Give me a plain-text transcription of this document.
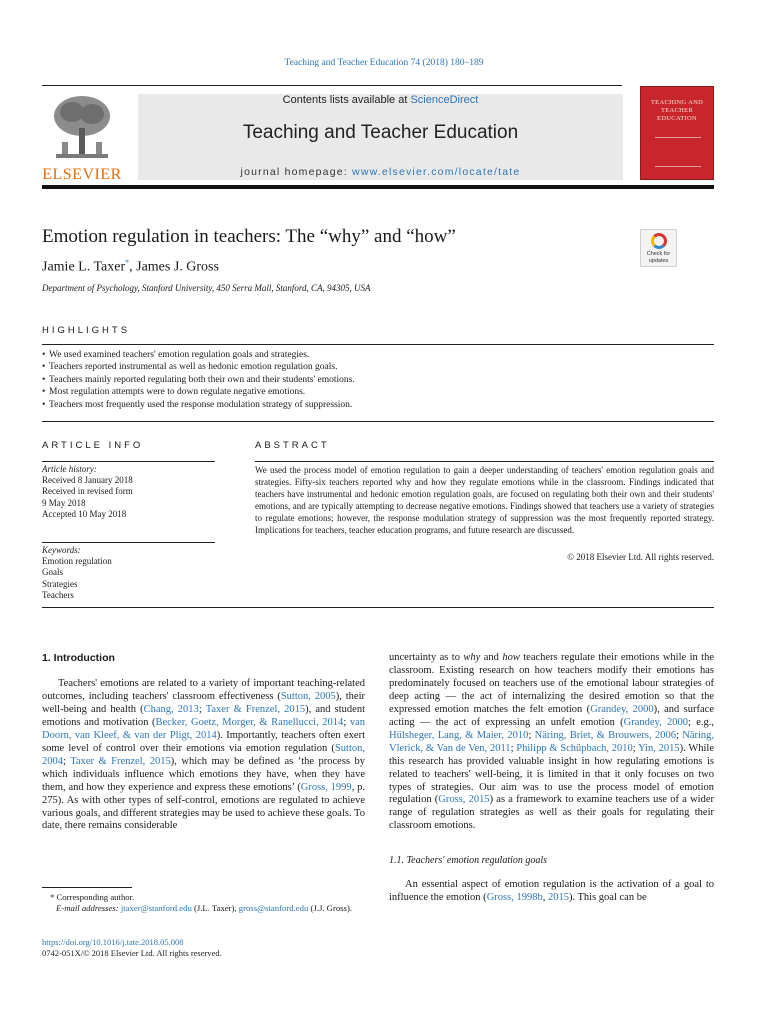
Teaching and Teacher Education 74 (2018) 180–189
ELSEVIER
Contents lists available at ScienceDirect
Teaching and Teacher Education
journal homepage: www.elsevier.com/locate/tate
TEACHING AND TEACHER EDUCATION
Emotion regulation in teachers: The “why” and “how”
Check for updates
Jamie L. Taxer*, James J. Gross
Department of Psychology, Stanford University, 450 Serra Mall, Stanford, CA, 94305, USA
HIGHLIGHTS
• We used examined teachers' emotion regulation goals and strategies.
• Teachers reported instrumental as well as hedonic emotion regulation goals.
• Teachers mainly reported regulating both their own and their students' emotions.
• Most regulation attempts were to down regulate negative emotions.
• Teachers most frequently used the response modulation strategy of suppression.
ARTICLE INFO	ABSTRACT
Article history:
Received 8 January 2018
Received in revised form
9 May 2018
Accepted 10 May 2018
Keywords:
Emotion regulation
Goals
Strategies
Teachers
We used the process model of emotion regulation to gain a deeper understanding of teachers' emotion regulation goals and strategies. Fifty-six teachers reported why and how they regulate emotions while in the classroom. Findings indicated that teachers have instrumental and hedonic emotion regulation goals, are focused on regulating both their own and their students' emotions, and are typically attempting to decrease negative emotions. Findings showed that teachers use a variety of strategies to regulate emotions; however, the response modulation strategy of suppression was the most frequently reported strategy. Implications for teachers, teacher education programs, and future research are discussed.
© 2018 Elsevier Ltd. All rights reserved.
1. Introduction
Teachers' emotions are related to a variety of important teaching-related outcomes, including teachers' classroom effectiveness (Sutton, 2005), their well-being and health (Chang, 2013; Taxer & Frenzel, 2015), and student emotions and motivation (Becker, Goetz, Morger, & Ranellucci, 2014; van Doorn, van Kleef, & van der Pligt, 2014). Importantly, teachers often exert some level of control over their emotions via emotion regulation (Sutton, 2004; Taxer & Frenzel, 2015), which may be defined as ‘the process by which individuals influence which emotions they have, when they have them, and how they experience and express these emotions’ (Gross, 1999, p. 275). As with other types of self-control, emotions are regulated to achieve various goals, and different strategies may be used to achieve these goals. To date, there remains considerable
uncertainty as to why and how teachers regulate their emotions while in the classroom. Existing research on how teachers modify their emotions has predominately focused on teachers use of the emotional labour strategies of deep acting — the act of internalizing the desired emotion so that the expressed emotion matches the felt emotion (Grandey, 2000), and surface acting — the act of expressing an unfelt emotion (Grandey, 2000; e.g., Hülsheger, Lang, & Maier, 2010; Näring, Briet, & Brouwers, 2006; Näring, Vlerick, & Van de Ven, 2011; Philipp & Schüpbach, 2010; Yin, 2015). While this research has provided valuable insight in how regulating emotions is related to teachers' well-being, it is limited in that it only focuses on two types of strategies. Our aim was to use the process model of emotion regulation (Gross, 2015) as a framework to examine teachers use of a wider range of regulation strategies as well as their goals for regulating their classroom emotions.
1.1. Teachers' emotion regulation goals
An essential aspect of emotion regulation is the activation of a goal to influence the emotion (Gross, 1998b, 2015). This goal can be
* Corresponding author.
E-mail addresses: jtaxer@stanford.edu (J.L. Taxer), gross@stanford.edu (J.J. Gross).
https://doi.org/10.1016/j.tate.2018.05.008
0742-051X/© 2018 Elsevier Ltd. All rights reserved.
